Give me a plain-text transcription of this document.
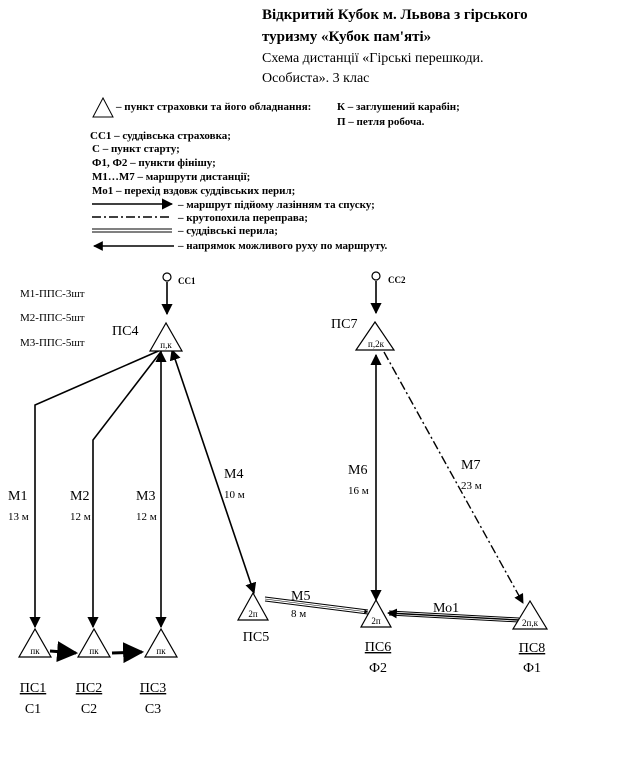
Відкритий Кубок м. Львова з гірського
туризму «Кубок пам'яті»
Схема дистанції «Гірські перешкоди.
Особиста». 3 клас
– пункт страховки та його обладнання: К – заглушений карабін;
П – петля робоча.
СС1 – суддівська страховка;
С – пункт старту;
Ф1, Ф2 – пункти фінішу;
М1…М7 – маршрути дистанції;
Мо1 – перехід вздовж суддівських перил;
– маршрут підйому лазінням та спуску;
– крутопохила переправа;
– суддівські перила;
– напрямок можливого руху по маршруту.
М1-ППС-3шт
М2-ППС-5шт
М3-ППС-5шт
СС1	СС2
п,к
ПС4
п,2к
ПС7
пк
ПС1
С1
пк
ПС2
С2
пк
ПС3
С3
2п
ПС5
2п
ПС6
Ф2
2п,к
ПС8
Ф1
М1
13 м
М2
12 м
М3
12 м
М4
10 м
М5
8 м
М6
16 м
М7
23 м
Мо1
